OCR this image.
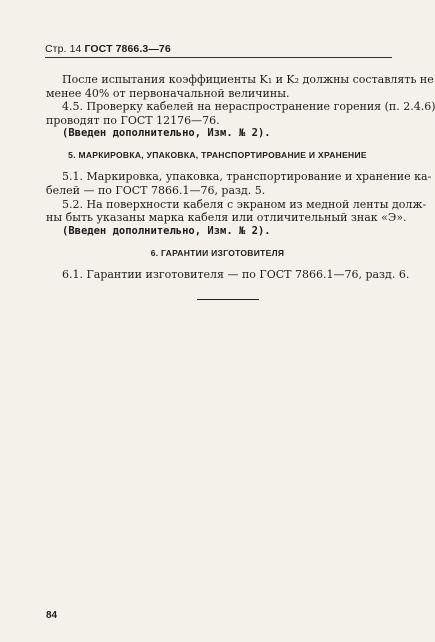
Стр. 14 ГОСТ 7866.3—76
После испытания коэффициенты K₁ и K₂ должны составлять не
менее 40% от первоначальной величины.
4.5. Проверку кабелей на нераспространение горения (п. 2.4.6)
проводят по ГОСТ 12176—76.
(Введен дополнительно, Изм. № 2).
5. МАРКИРОВКА, УПАКОВКА, ТРАНСПОРТИРОВАНИЕ И ХРАНЕНИЕ
5.1. Маркировка, упаковка, транспортирование и хранение ка-
белей — по ГОСТ 7866.1—76, разд. 5.
5.2. На поверхности кабеля с экраном из медной ленты долж-
ны быть указаны марка кабеля или отличительный знак «Э».
(Введен дополнительно, Изм. № 2).
6. ГАРАНТИИ ИЗГОТОВИТЕЛЯ
6.1. Гарантии изготовителя — по ГОСТ 7866.1—76, разд. 6.
84
